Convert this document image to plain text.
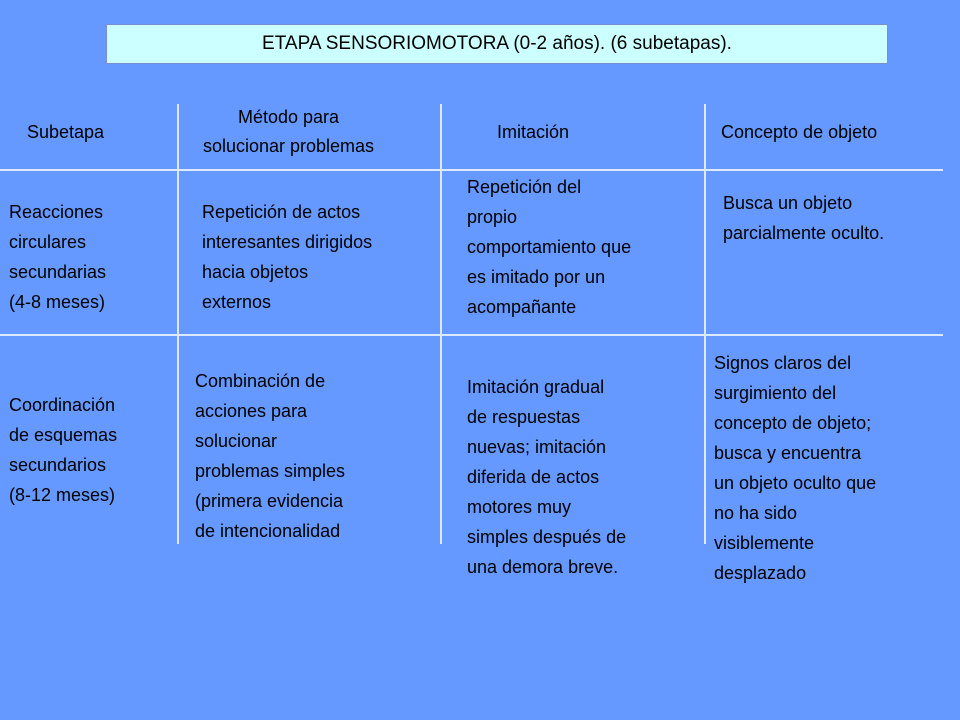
ETAPA SENSORIOMOTORA (0-2 años). (6 subetapas).
Subetapa
Método para
solucionar problemas
Imitación	Concepto de objeto
Reacciones
circulares
secundarias
(4-8 meses)
Repetición de actos
interesantes dirigidos
hacia objetos
externos
Repetición del
propio
comportamiento que
es imitado por un
acompañante
Busca un objeto
parcialmente oculto.
Coordinación
de esquemas
secundarios
(8-12 meses)
Combinación de
acciones para
solucionar
problemas simples
(primera evidencia
de intencionalidad
Imitación gradual
de respuestas
nuevas; imitación
diferida de actos
motores muy
simples después de
una demora breve.
Signos claros del
surgimiento del
concepto de objeto;
busca y encuentra
un objeto oculto que
no ha sido
visiblemente
desplazado
